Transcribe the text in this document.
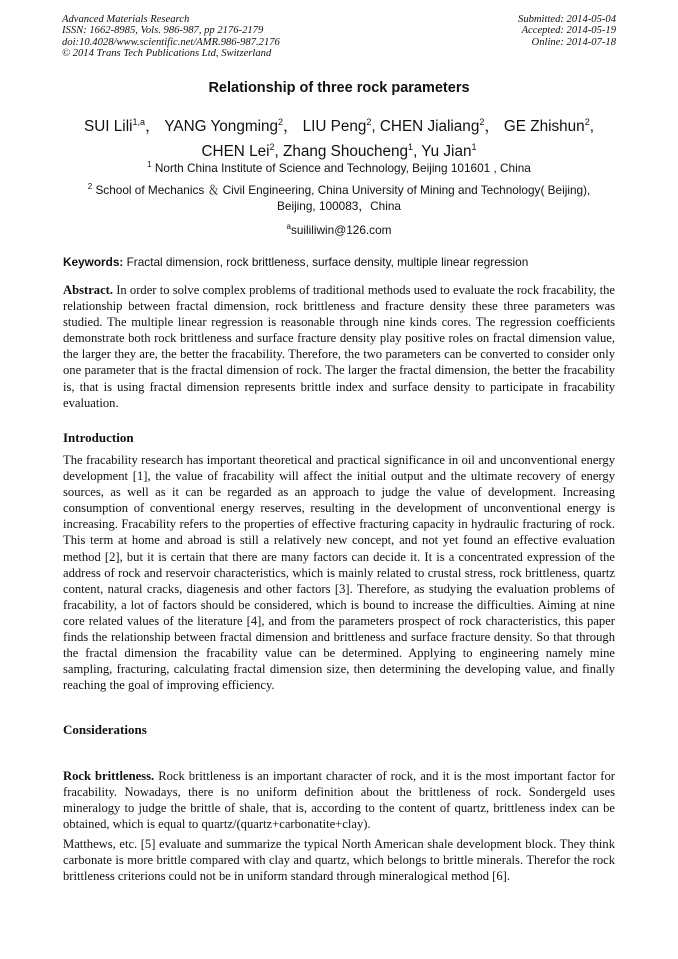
Advanced Materials Research
ISSN: 1662-8985, Vols. 986-987, pp 2176-2179
doi:10.4028/www.scientific.net/AMR.986-987.2176
© 2014 Trans Tech Publications Ltd, Switzerland
Submitted: 2014-05-04
Accepted: 2014-05-19
Online: 2014-07-18
Relationship of three rock parameters
SUI Lili$^{1,a}$， YANG Yongming$^2$， LIU Peng$^2$, CHEN Jialiang$^2$， GE Zhishun$^2$,
CHEN Lei$^2$, Zhang Shoucheng$^1$, Yu Jian$^1$
$^1$ North China Institute of Science and Technology, Beijing 101601 , China
$^2$ School of Mechanics ＆ Civil Engineering, China University of Mining and Technology( Beijing),
Beijing, 100083，China
$^a$suililiwin@126.com
Keywords: Fractal dimension, rock brittleness, surface density, multiple linear regression
Abstract. In order to solve complex problems of traditional methods used to evaluate the rock fracability, the relationship between fractal dimension, rock brittleness and fracture density these three parameters was studied. The multiple linear regression is reasonable through nine kinds cores. The regression coefficients demonstrate both rock brittleness and surface fracture density play positive roles on fractal dimension value, the larger they are, the better the fracability. Therefore, the two parameters can be converted to consider only one parameter that is the fractal dimension of rock. The larger the fractal dimension, the better the fracability is, that is using fractal dimension represents brittle index and surface density to participate in fracability evaluation.
Introduction
The fracability research has important theoretical and practical significance in oil and unconventional energy development [1], the value of fracability will affect the initial output and the ultimate recovery of energy sources, as well as it can be regarded as an approach to judge the value of development. Increasing consumption of conventional energy reserves, resulting in the development of unconventional energy is increasing. Fracability refers to the properties of effective fracturing capacity in hydraulic fracturing of rock. This term at home and abroad is still a relatively new concept, and not yet found an effective evaluation method [2], but it is certain that there are many factors can decide it. It is a concentrated expression of the address of rock and reservoir characteristics, which is mainly related to crustal stress, rock brittleness, quartz content, natural cracks, diagenesis and other factors [3]. Therefore, as studying the evaluation problems of fracability, a lot of factors should be considered, which is bound to increase the difficulties. Aiming at nine core related values of the literature [4], and from the parameters prospect of rock characteristics, this paper finds the relationship between fractal dimension and brittleness and surface fracture density. So that through the fractal dimension the fracability value can be determined. Applying to engineering namely mine sampling, fracturing, calculating fractal dimension size, then determining the developing value, and finally reaching the goal of improving efficiency.
Considerations
Rock brittleness. Rock brittleness is an important character of rock, and it is the most important factor for fracability. Nowadays, there is no uniform definition about the brittleness of rock. Sondergeld uses mineralogy to judge the brittle of shale, that is, according to the content of quartz, brittleness index can be obtained, which is equal to quartz/(quartz+carbonatite+clay).
Matthews, etc. [5] evaluate and summarize the typical North American shale development block. They think carbonate is more brittle compared with clay and quartz, which belongs to brittle minerals. Therefor the rock brittleness criterions could not be in uniform standard through mineralogical method [6].
